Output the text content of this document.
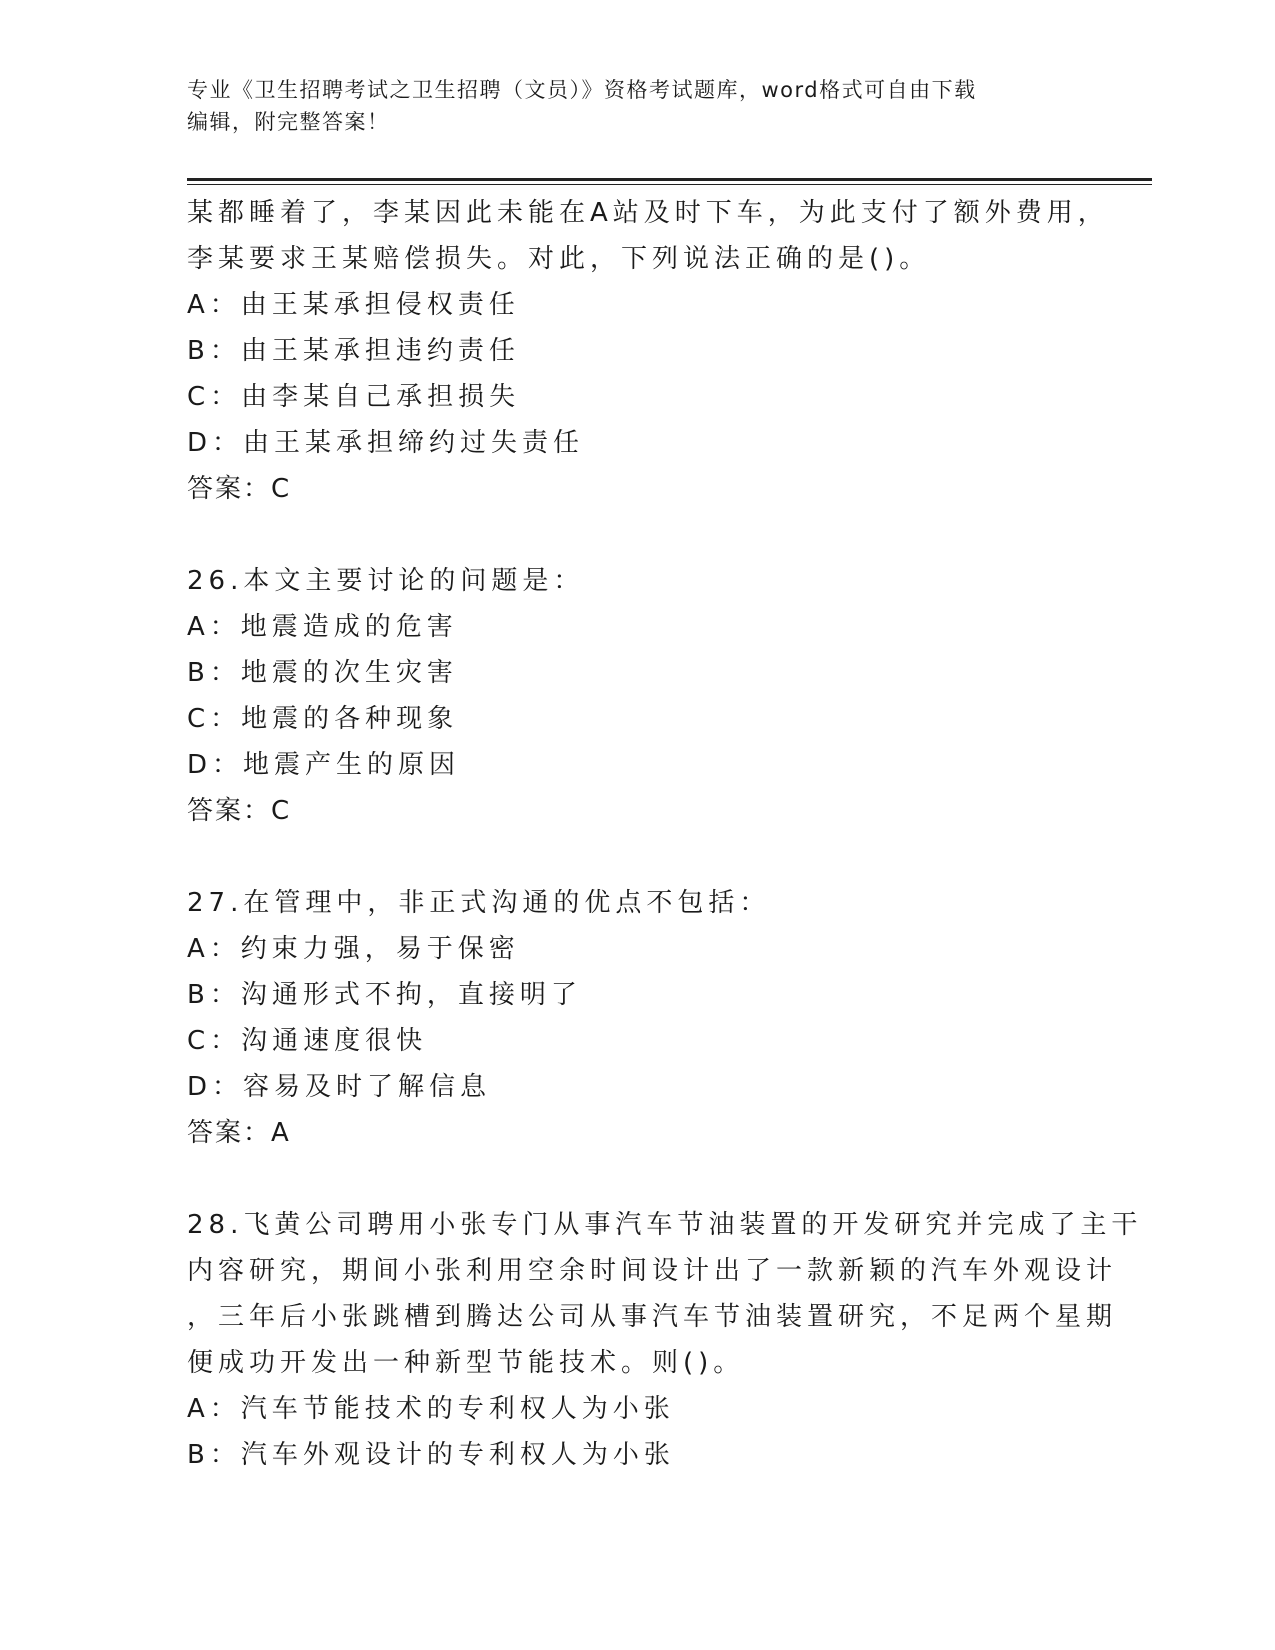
专业《卫生招聘考试之卫生招聘（文员）》资格考试题库，word格式可自由下载
编辑，附完整答案！
某都睡着了，李某因此未能在A站及时下车，为此支付了额外费用，
李某要求王某赔偿损失。对此，下列说法正确的是()。
A：由王某承担侵权责任
B：由王某承担违约责任
C：由李某自己承担损失
D：由王某承担缔约过失责任
答案：C
26.本文主要讨论的问题是：
A：地震造成的危害
B：地震的次生灾害
C：地震的各种现象
D：地震产生的原因
答案：C
27.在管理中，非正式沟通的优点不包括：
A：约束力强，易于保密
B：沟通形式不拘，直接明了
C：沟通速度很快
D：容易及时了解信息
答案：A
28.飞黄公司聘用小张专门从事汽车节油装置的开发研究并完成了主干
内容研究，期间小张利用空余时间设计出了一款新颖的汽车外观设计
，三年后小张跳槽到腾达公司从事汽车节油装置研究，不足两个星期
便成功开发出一种新型节能技术。则()。
A：汽车节能技术的专利权人为小张
B：汽车外观设计的专利权人为小张
